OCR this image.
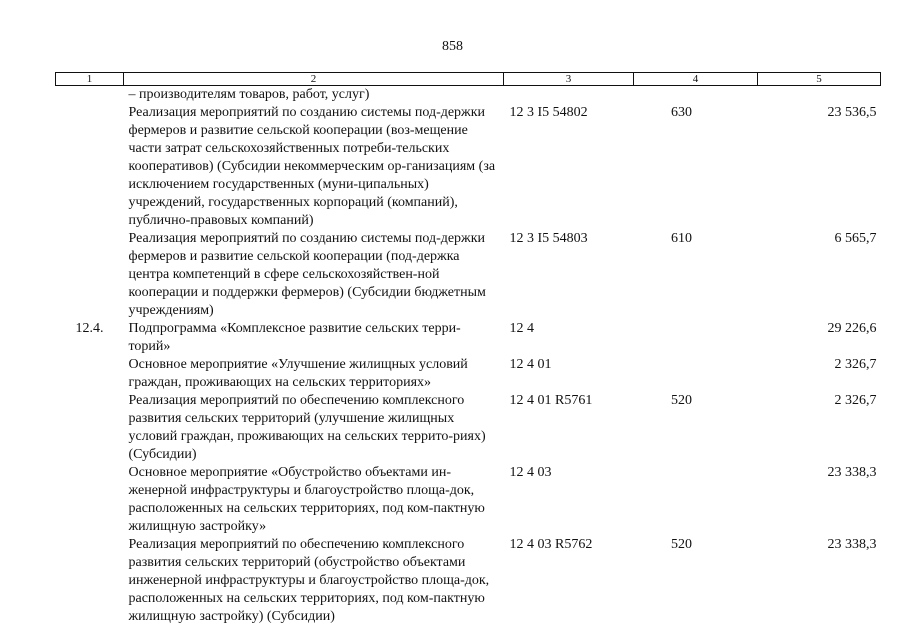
858
1	2	3	4	5
	– производителям товаров, работ, услуг)			
	Реализация мероприятий по созданию системы под-держки фермеров и развитие сельской кооперации (воз-мещение части затрат сельскохозяйственных потреби-тельских кооперативов) (Субсидии некоммерческим ор-ганизациям (за исключением государственных (муни-ципальных) учреждений, государственных корпораций (компаний), публично-правовых компаний)	12 3 I5 54802	630	23 536,5
	Реализация мероприятий по созданию системы под-держки фермеров и развитие сельской кооперации (под-держка центра компетенций в сфере сельскохозяйствен-ной кооперации и поддержки фермеров) (Субсидии бюджетным учреждениям)	12 3 I5 54803	610	6 565,7
12.4.	Подпрограмма «Комплексное развитие сельских терри-торий»	12 4		29 226,6
	Основное мероприятие «Улучшение жилищных условий граждан, проживающих на сельских территориях»	12 4 01		2 326,7
	Реализация мероприятий по обеспечению комплексного развития сельских территорий (улучшение жилищных условий граждан, проживающих на сельских террито-риях) (Субсидии)	12 4 01 R5761	520	2 326,7
	Основное мероприятие «Обустройство объектами ин-женерной инфраструктуры и благоустройство площа-док, расположенных на сельских территориях, под ком-пактную жилищную застройку»	12 4 03		23 338,3
	Реализация мероприятий по обеспечению комплексного развития сельских территорий (обустройство объектами инженерной инфраструктуры и благоустройство площа-док, расположенных на сельских территориях, под ком-пактную жилищную застройку) (Субсидии)	12 4 03 R5762	520	23 338,3
